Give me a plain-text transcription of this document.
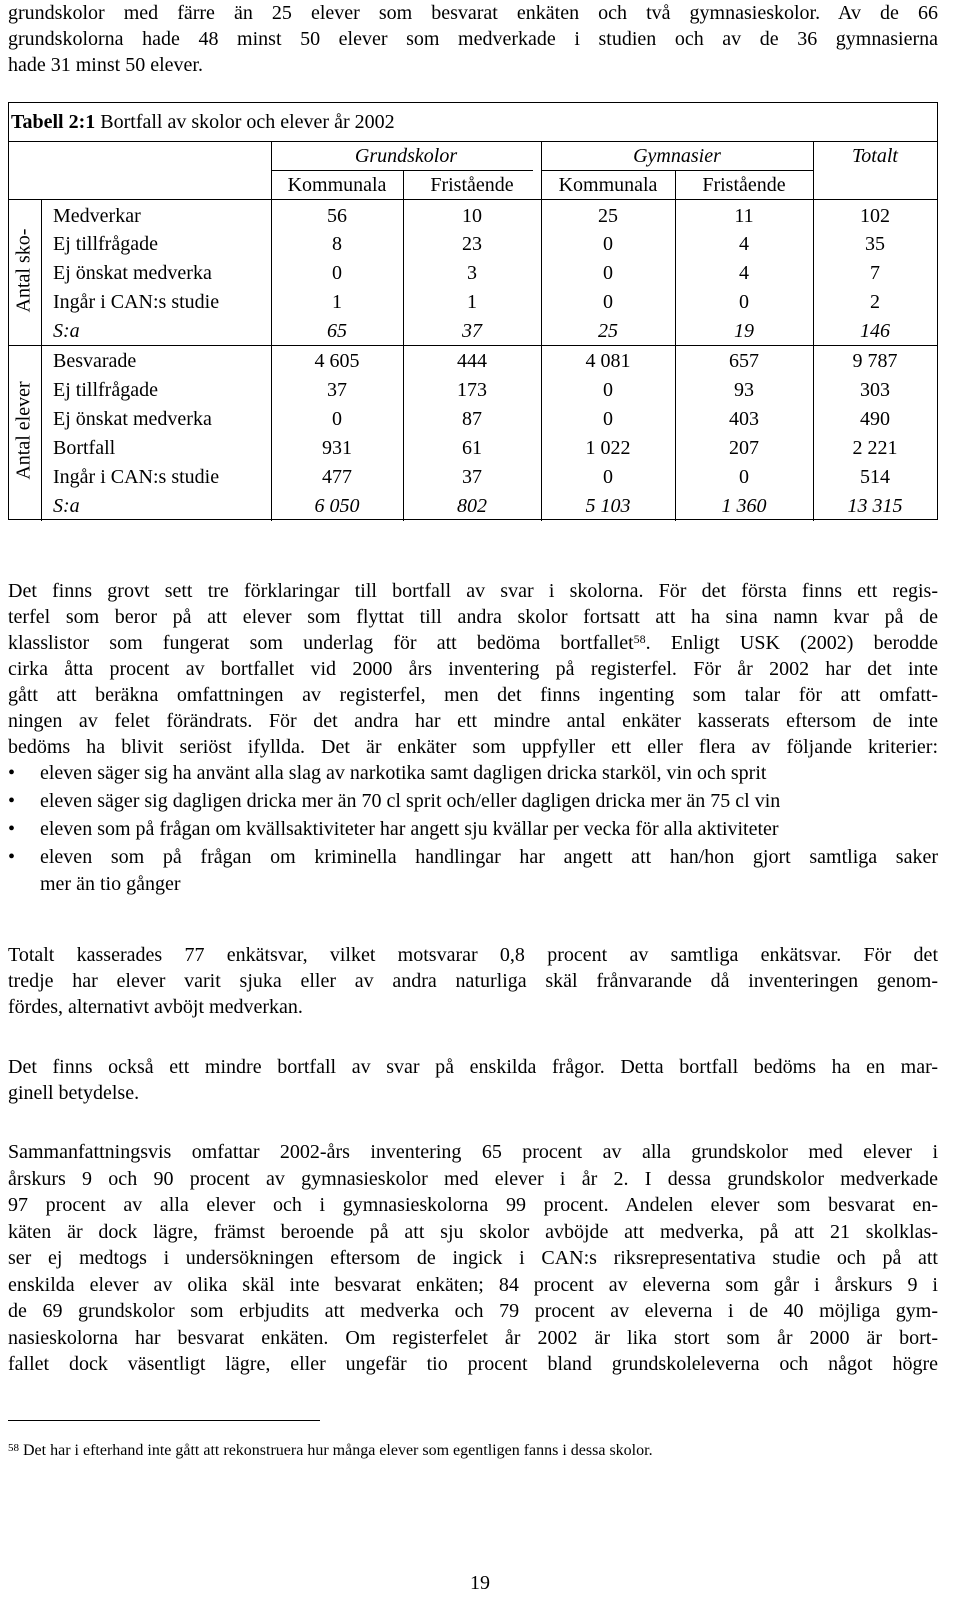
grundskolor med färre än 25 elever som besvarat enkäten och två gymnasieskolor. Av de 66
grundskolorna hade 48 minst 50 elever som medverkade i studien och av de 36 gymnasierna
hade 31 minst 50 elever.
Tabell 2:1 Bortfall av skolor och elever år 2002
Grundskolor	Gymnasier	Totalt
Kommunala	Fristående	Kommunala	Fristående
Antal sko-
Antal elever
Medverkar	56	10	25	11	102
Ej tillfrågade	8	23	0	4	35
Ej önskat medverka	0	3	0	4	7
Ingår i CAN:s studie	1	1	0	0	2
S:a	65	37	25	19	146
Besvarade	4 605	444	4 081	657	9 787
Ej tillfrågade	37	173	0	93	303
Ej önskat medverka	0	87	0	403	490
Bortfall	931	61	1 022	207	2 221
Ingår i CAN:s studie	477	37	0	0	514
S:a	6 050	802	5 103	1 360	13 315
Det finns grovt sett tre förklaringar till bortfall av svar i skolorna. För det första finns ett regis-
terfel som beror på att elever som flyttat till andra skolor fortsatt att ha sina namn kvar på de
klasslistor som fungerat som underlag för att bedöma bortfallet$^{58}$. Enligt USK (2002) berodde
cirka åtta procent av bortfallet vid 2000 års inventering på registerfel. För år 2002 har det inte
gått att beräkna omfattningen av registerfel, men det finns ingenting som talar för att omfatt-
ningen av felet förändrats. För det andra har ett mindre antal enkäter kasserats eftersom de inte
bedöms ha blivit seriöst ifyllda. Det är enkäter som uppfyller ett eller flera av följande kriterier:
• eleven säger sig ha använt alla slag av narkotika samt dagligen dricka starköl, vin och sprit
• eleven säger sig dagligen dricka mer än 70 cl sprit och/eller dagligen dricka mer än 75 cl vin
• eleven som på frågan om kvällsaktiviteter har angett sju kvällar per vecka för alla aktiviteter
• eleven som på frågan om kriminella handlingar har angett att han/hon gjort samtliga saker
mer än tio gånger
Totalt kasserades 77 enkätsvar, vilket motsvarar 0,8 procent av samtliga enkätsvar. För det
tredje har elever varit sjuka eller av andra naturliga skäl frånvarande då inventeringen genom-
fördes, alternativt avböjt medverkan.
Det finns också ett mindre bortfall av svar på enskilda frågor. Detta bortfall bedöms ha en mar-
ginell betydelse.
Sammanfattningsvis omfattar 2002-års inventering 65 procent av alla grundskolor med elever i
årskurs 9 och 90 procent av gymnasieskolor med elever i år 2. I dessa grundskolor medverkade
97 procent av alla elever och i gymnasieskolorna 99 procent. Andelen elever som besvarat en-
käten är dock lägre, främst beroende på att sju skolor avböjde att medverka, på att 21 skolklas-
ser ej medtogs i undersökningen eftersom de ingick i CAN:s riksrepresentativa studie och på att
enskilda elever av olika skäl inte besvarat enkäten; 84 procent av eleverna som går i årskurs 9 i
de 69 grundskolor som erbjudits att medverka och 79 procent av eleverna i de 40 möjliga gym-
nasieskolorna har besvarat enkäten. Om registerfelet år 2002 är lika stort som år 2000 är bort-
fallet dock väsentligt lägre, eller ungefär tio procent bland grundskoleleverna och något högre
$^{58}$ Det har i efterhand inte gått att rekonstruera hur många elever som egentligen fanns i dessa skolor.
19
